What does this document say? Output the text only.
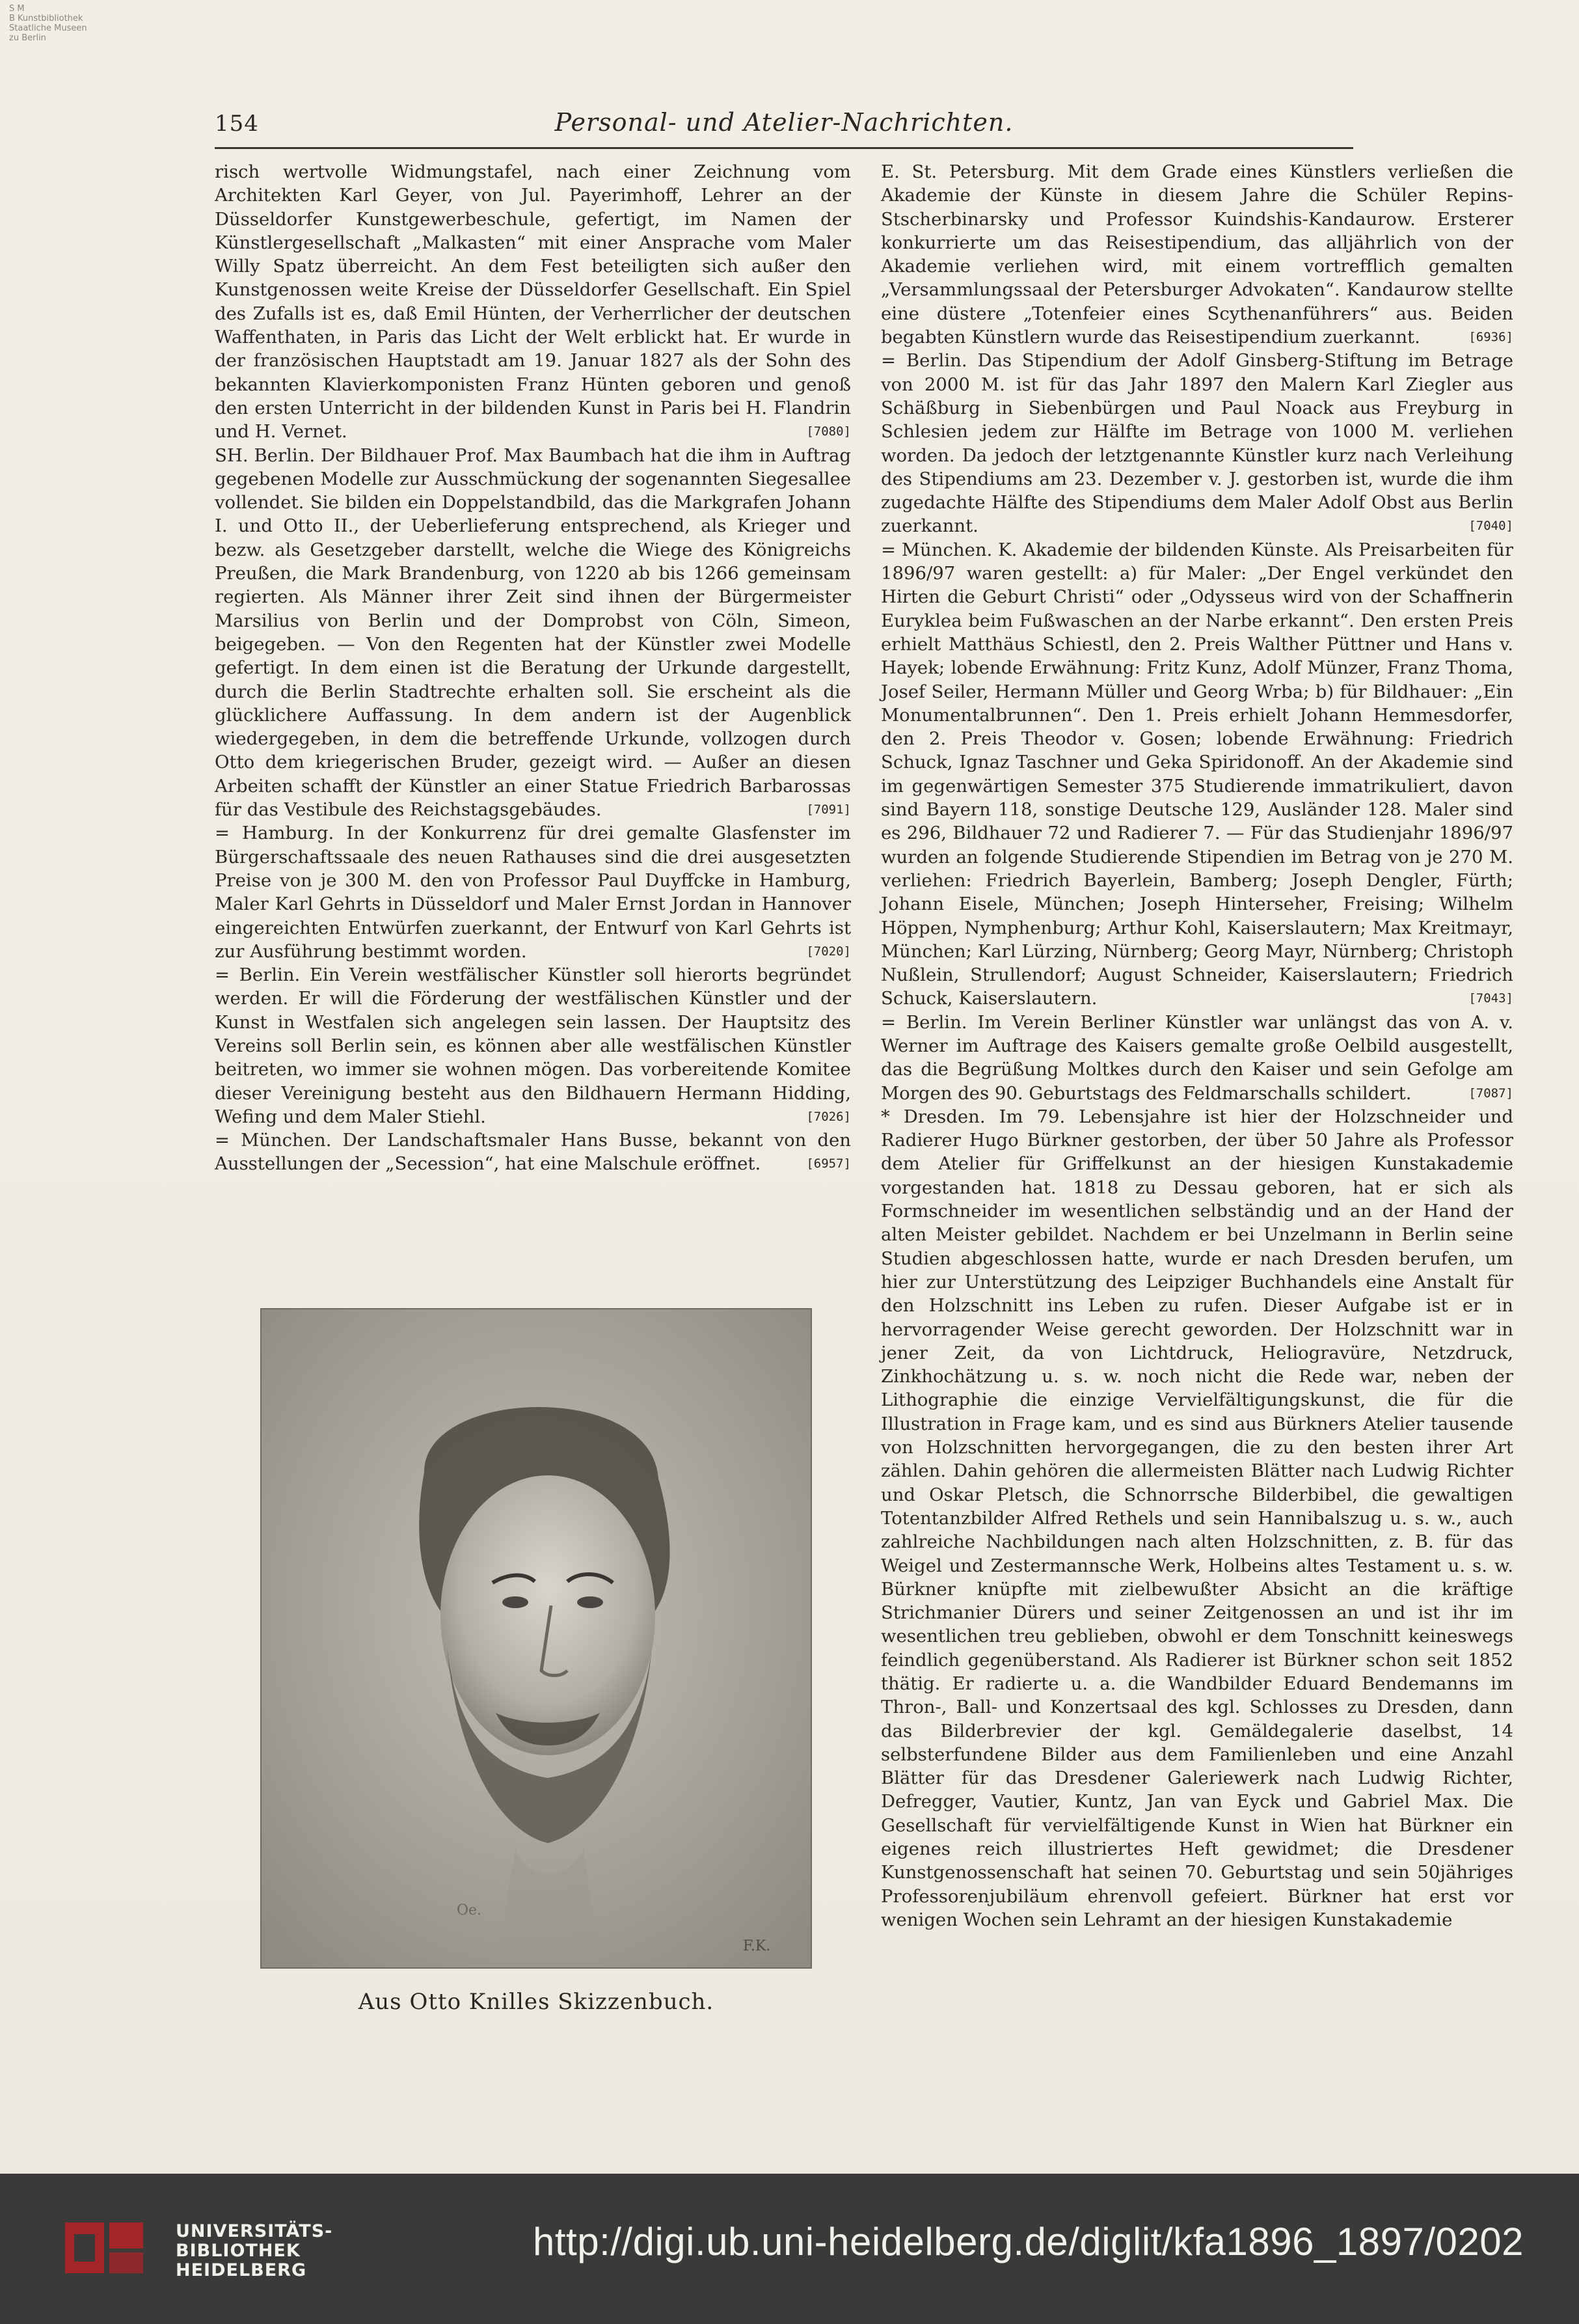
S M
B Kunstbibliothek
Staatliche Museen
zu Berlin
154	Personal- und Atelier-Nachrichten.

risch wertvolle Widmungstafel, nach einer Zeichnung vom Architekten Karl Geyer, von Jul. Payerimhoff, Lehrer an der Düsseldorfer Kunstgewerbeschule, gefertigt, im Namen der Künstlergesellschaft „Malkasten“ mit einer Ansprache vom Maler Willy Spatz überreicht. An dem Fest beteiligten sich außer den Kunstgenossen weite Kreise der Düsseldorfer Gesellschaft. Ein Spiel des Zufalls ist es, daß Emil Hünten, der Verherrlicher der deutschen Waffenthaten, in Paris das Licht der Welt erblickt hat. Er wurde in der französischen Hauptstadt am 19. Januar 1827 als der Sohn des bekannten Klavierkomponisten Franz Hünten geboren und genoß den ersten Unterricht in der bildenden Kunst in Paris bei H. Flandrin und H. Vernet.	[7080]

SH. Berlin. Der Bildhauer Prof. Max Baumbach hat die ihm in Auftrag gegebenen Modelle zur Ausschmückung der sogenannten Siegesallee vollendet. Sie bilden ein Doppelstandbild, das die Markgrafen Johann I. und Otto II., der Ueberlieferung entsprechend, als Krieger und bezw. als Gesetzgeber darstellt, welche die Wiege des Königreichs Preußen, die Mark Brandenburg, von 1220 ab bis 1266 gemeinsam regierten. Als Männer ihrer Zeit sind ihnen der Bürgermeister Marsilius von Berlin und der Domprobst von Cöln, Simeon, beigegeben. — Von den Regenten hat der Künstler zwei Modelle gefertigt. In dem einen ist die Beratung der Urkunde dargestellt, durch die Berlin Stadtrechte erhalten soll. Sie erscheint als die glücklichere Auffassung. In dem andern ist der Augenblick wiedergegeben, in dem die betreffende Urkunde, vollzogen durch Otto dem kriegerischen Bruder, gezeigt wird. — Außer an diesen Arbeiten schafft der Künstler an einer Statue Friedrich Barbarossas für das Vestibule des Reichstagsgebäudes.	[7091]

= Hamburg. In der Konkurrenz für drei gemalte Glasfenster im Bürgerschaftssaale des neuen Rathauses sind die drei ausgesetzten Preise von je 300 M. den von Professor Paul Duyffcke in Hamburg, Maler Karl Gehrts in Düsseldorf und Maler Ernst Jordan in Hannover eingereichten Entwürfen zuerkannt, der Entwurf von Karl Gehrts ist zur Ausführung bestimmt worden.	[7020]

= Berlin. Ein Verein westfälischer Künstler soll hierorts begründet werden. Er will die Förderung der westfälischen Künstler und der Kunst in Westfalen sich angelegen sein lassen. Der Hauptsitz des Vereins soll Berlin sein, es können aber alle westfälischen Künstler beitreten, wo immer sie wohnen mögen. Das vorbereitende Komitee dieser Vereinigung besteht aus den Bildhauern Hermann Hidding, Wefing und dem Maler Stiehl.	[7026]

= München. Der Landschaftsmaler Hans Busse, bekannt von den Ausstellungen der „Secession“, hat eine Malschule eröffnet.	[6957]

Oe.
F.K.
Aus Otto Knilles Skizzenbuch.

E. St. Petersburg. Mit dem Grade eines Künstlers verließen die Akademie der Künste in diesem Jahre die Schüler Repins-Stscherbinarsky und Professor Kuindshis-Kandaurow. Ersterer konkurrierte um das Reisestipendium, das alljährlich von der Akademie verliehen wird, mit einem vortrefflich gemalten „Versammlungssaal der Petersburger Advokaten“. Kandaurow stellte eine düstere „Totenfeier eines Scythenanführers“ aus. Beiden begabten Künstlern wurde das Reisestipendium zuerkannt.	[6936]

= Berlin. Das Stipendium der Adolf Ginsberg-Stiftung im Betrage von 2000 M. ist für das Jahr 1897 den Malern Karl Ziegler aus Schäßburg in Siebenbürgen und Paul Noack aus Freyburg in Schlesien jedem zur Hälfte im Betrage von 1000 M. verliehen worden. Da jedoch der letztgenannte Künstler kurz nach Verleihung des Stipendiums am 23. Dezember v. J. gestorben ist, wurde die ihm zugedachte Hälfte des Stipendiums dem Maler Adolf Obst aus Berlin zuerkannt.	[7040]

= München. K. Akademie der bildenden Künste. Als Preisarbeiten für 1896/97 waren gestellt: a) für Maler: „Der Engel verkündet den Hirten die Geburt Christi“ oder „Odysseus wird von der Schaffnerin Euryklea beim Fußwaschen an der Narbe erkannt“. Den ersten Preis erhielt Matthäus Schiestl, den 2. Preis Walther Püttner und Hans v. Hayek; lobende Erwähnung: Fritz Kunz, Adolf Münzer, Franz Thoma, Josef Seiler, Hermann Müller und Georg Wrba; b) für Bildhauer: „Ein Monumentalbrunnen“. Den 1. Preis erhielt Johann Hemmesdorfer, den 2. Preis Theodor v. Gosen; lobende Erwähnung: Friedrich Schuck, Ignaz Taschner und Geka Spiridonoff. An der Akademie sind im gegenwärtigen Semester 375 Studierende immatrikuliert, davon sind Bayern 118, sonstige Deutsche 129, Ausländer 128. Maler sind es 296, Bildhauer 72 und Radierer 7. — Für das Studienjahr 1896/97 wurden an folgende Studierende Stipendien im Betrag von je 270 M. verliehen: Friedrich Bayerlein, Bamberg; Joseph Dengler, Fürth; Johann Eisele, München; Joseph Hinterseher, Freising; Wilhelm Höppen, Nymphenburg; Arthur Kohl, Kaiserslautern; Max Kreitmayr, München; Karl Lürzing, Nürnberg; Georg Mayr, Nürnberg; Christoph Nußlein, Strullendorf; August Schneider, Kaiserslautern; Friedrich Schuck, Kaiserslautern.	[7043]

= Berlin. Im Verein Berliner Künstler war unlängst das von A. v. Werner im Auftrage des Kaisers gemalte große Oelbild ausgestellt, das die Begrüßung Moltkes durch den Kaiser und sein Gefolge am Morgen des 90. Geburtstags des Feldmarschalls schildert.	[7087]

* Dresden. Im 79. Lebensjahre ist hier der Holzschneider und Radierer Hugo Bürkner gestorben, der über 50 Jahre als Professor dem Atelier für Griffelkunst an der hiesigen Kunstakademie vorgestanden hat. 1818 zu Dessau geboren, hat er sich als Formschneider im wesentlichen selbständig und an der Hand der alten Meister gebildet. Nachdem er bei Unzelmann in Berlin seine Studien abgeschlossen hatte, wurde er nach Dresden berufen, um hier zur Unterstützung des Leipziger Buchhandels eine Anstalt für den Holzschnitt ins Leben zu rufen. Dieser Aufgabe ist er in hervorragender Weise gerecht geworden. Der Holzschnitt war in jener Zeit, da von Lichtdruck, Heliogravüre, Netzdruck, Zinkhochätzung u. s. w. noch nicht die Rede war, neben der Lithographie die einzige Vervielfältigungskunst, die für die Illustration in Frage kam, und es sind aus Bürkners Atelier tausende von Holzschnitten hervorgegangen, die zu den besten ihrer Art zählen. Dahin gehören die allermeisten Blätter nach Ludwig Richter und Oskar Pletsch, die Schnorrsche Bilderbibel, die gewaltigen Totentanzbilder Alfred Rethels und sein Hannibalszug u. s. w., auch zahlreiche Nachbildungen nach alten Holzschnitten, z. B. für das Weigel und Zestermannsche Werk, Holbeins altes Testament u. s. w. Bürkner knüpfte mit zielbewußter Absicht an die kräftige Strichmanier Dürers und seiner Zeitgenossen an und ist ihr im wesentlichen treu geblieben, obwohl er dem Tonschnitt keineswegs feindlich gegenüberstand. Als Radierer ist Bürkner schon seit 1852 thätig. Er radierte u. a. die Wandbilder Eduard Bendemanns im Thron-, Ball- und Konzertsaal des kgl. Schlosses zu Dresden, dann das Bilderbrevier der kgl. Gemäldegalerie daselbst, 14 selbsterfundene Bilder aus dem Familienleben und eine Anzahl Blätter für das Dresdener Galeriewerk nach Ludwig Richter, Defregger, Vautier, Kuntz, Jan van Eyck und Gabriel Max. Die Gesellschaft für vervielfältigende Kunst in Wien hat Bürkner ein eigenes reich illustriertes Heft gewidmet; die Dresdener Kunstgenossenschaft hat seinen 70. Geburtstag und sein 50jähriges Professorenjubiläum ehrenvoll gefeiert. Bürkner hat erst vor wenigen Wochen sein Lehramt an der hiesigen Kunstakademie

UNIVERSITÄTS-
BIBLIOTHEK
HEIDELBERG
http://digi.ub.uni-heidelberg.de/diglit/kfa1896_1897/0202
